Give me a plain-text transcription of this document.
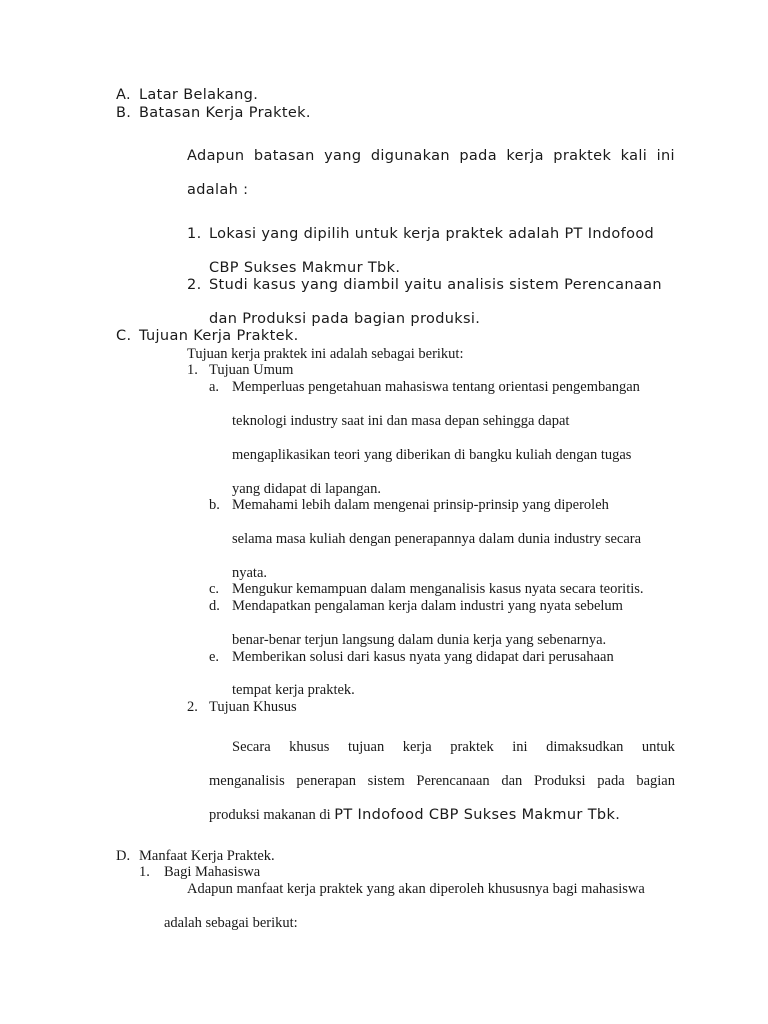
A. Latar Belakang.
B. Batasan Kerja Praktek.
Adapun batasan yang digunakan pada kerja praktek kali ini
adalah :
1. Lokasi yang dipilih untuk kerja praktek adalah PT Indofood
CBP Sukses Makmur Tbk.
2. Studi kasus yang diambil yaitu analisis sistem Perencanaan
dan Produksi pada bagian produksi.
C. Tujuan Kerja Praktek.
Tujuan kerja praktek ini adalah sebagai berikut:
1. Tujuan Umum
a. Memperluas pengetahuan mahasiswa tentang orientasi pengembangan
teknologi industry saat ini dan masa depan sehingga dapat
mengaplikasikan teori yang diberikan di bangku kuliah dengan tugas
yang didapat di lapangan.
b. Memahami lebih dalam mengenai prinsip-prinsip yang diperoleh
selama masa kuliah dengan penerapannya dalam dunia industry secara
nyata.
c. Mengukur kemampuan dalam menganalisis kasus nyata secara teoritis.
d. Mendapatkan pengalaman kerja dalam industri yang nyata sebelum
benar-benar terjun langsung dalam dunia kerja yang sebenarnya.
e. Memberikan solusi dari kasus nyata yang didapat dari perusahaan
tempat kerja praktek.
2. Tujuan Khusus
Secara khusus tujuan kerja praktek ini dimaksudkan untuk
menganalisis penerapan sistem Perencanaan dan Produksi pada bagian
produksi makanan di PT Indofood CBP Sukses Makmur Tbk.
D. Manfaat Kerja Praktek.
1. Bagi Mahasiswa
Adapun manfaat kerja praktek yang akan diperoleh khususnya bagi mahasiswa
adalah sebagai berikut:
